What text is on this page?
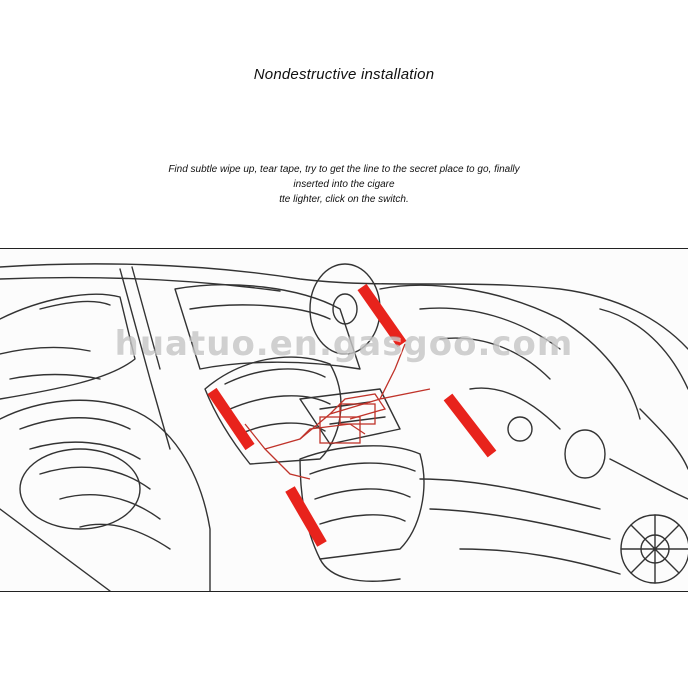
Nondestructive installation
Find subtle wipe up, tear tape, try to get the line to the secret place to go, finally
inserted into the cigare
tte lighter, click on the switch.
huatuo.en.gasgoo.com
